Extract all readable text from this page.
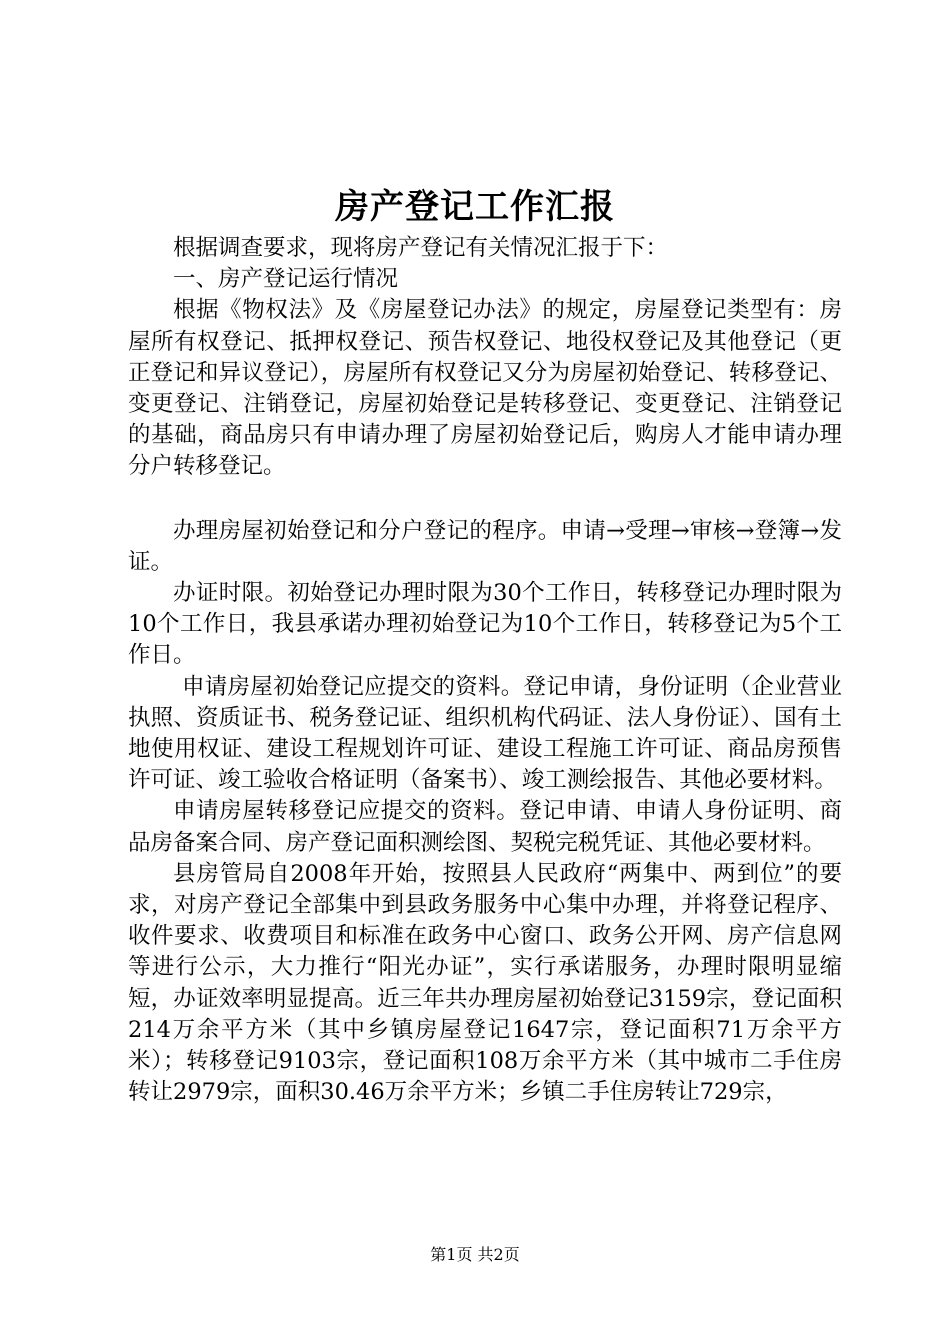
房产登记工作汇报

根据调查要求，现将房产登记有关情况汇报于下：

一、房产登记运行情况

根据《物权法》及《房屋登记办法》的规定，房屋登记类型有：房屋所有权登记、抵押权登记、预告权登记、地役权登记及其他登记（更正登记和异议登记），房屋所有权登记又分为房屋初始登记、转移登记、变更登记、注销登记，房屋初始登记是转移登记、变更登记、注销登记的基础，商品房只有申请办理了房屋初始登记后，购房人才能申请办理分户转移登记。

办理房屋初始登记和分户登记的程序。申请→受理→审核→登簿→发证。

办证时限。初始登记办理时限为30个工作日，转移登记办理时限为10个工作日，我县承诺办理初始登记为10个工作日，转移登记为5个工作日。

申请房屋初始登记应提交的资料。登记申请，身份证明（企业营业执照、资质证书、税务登记证、组织机构代码证、法人身份证）、国有土地使用权证、建设工程规划许可证、建设工程施工许可证、商品房预售许可证、竣工验收合格证明（备案书）、竣工测绘报告、其他必要材料。

申请房屋转移登记应提交的资料。登记申请、申请人身份证明、商品房备案合同、房产登记面积测绘图、契税完税凭证、其他必要材料。

县房管局自2008年开始，按照县人民政府“两集中、两到位”的要求，对房产登记全部集中到县政务服务中心集中办理，并将登记程序、收件要求、收费项目和标准在政务中心窗口、政务公开网、房产信息网等进行公示，大力推行“阳光办证”，实行承诺服务，办理时限明显缩短，办证效率明显提高。近三年共办理房屋初始登记3159宗，登记面积214万余平方米（其中乡镇房屋登记1647宗，登记面积71万余平方米）；转移登记9103宗，登记面积108万余平方米（其中城市二手住房转让2979宗，面积30.46万余平方米；乡镇二手住房转让729宗，

第1页 共2页
